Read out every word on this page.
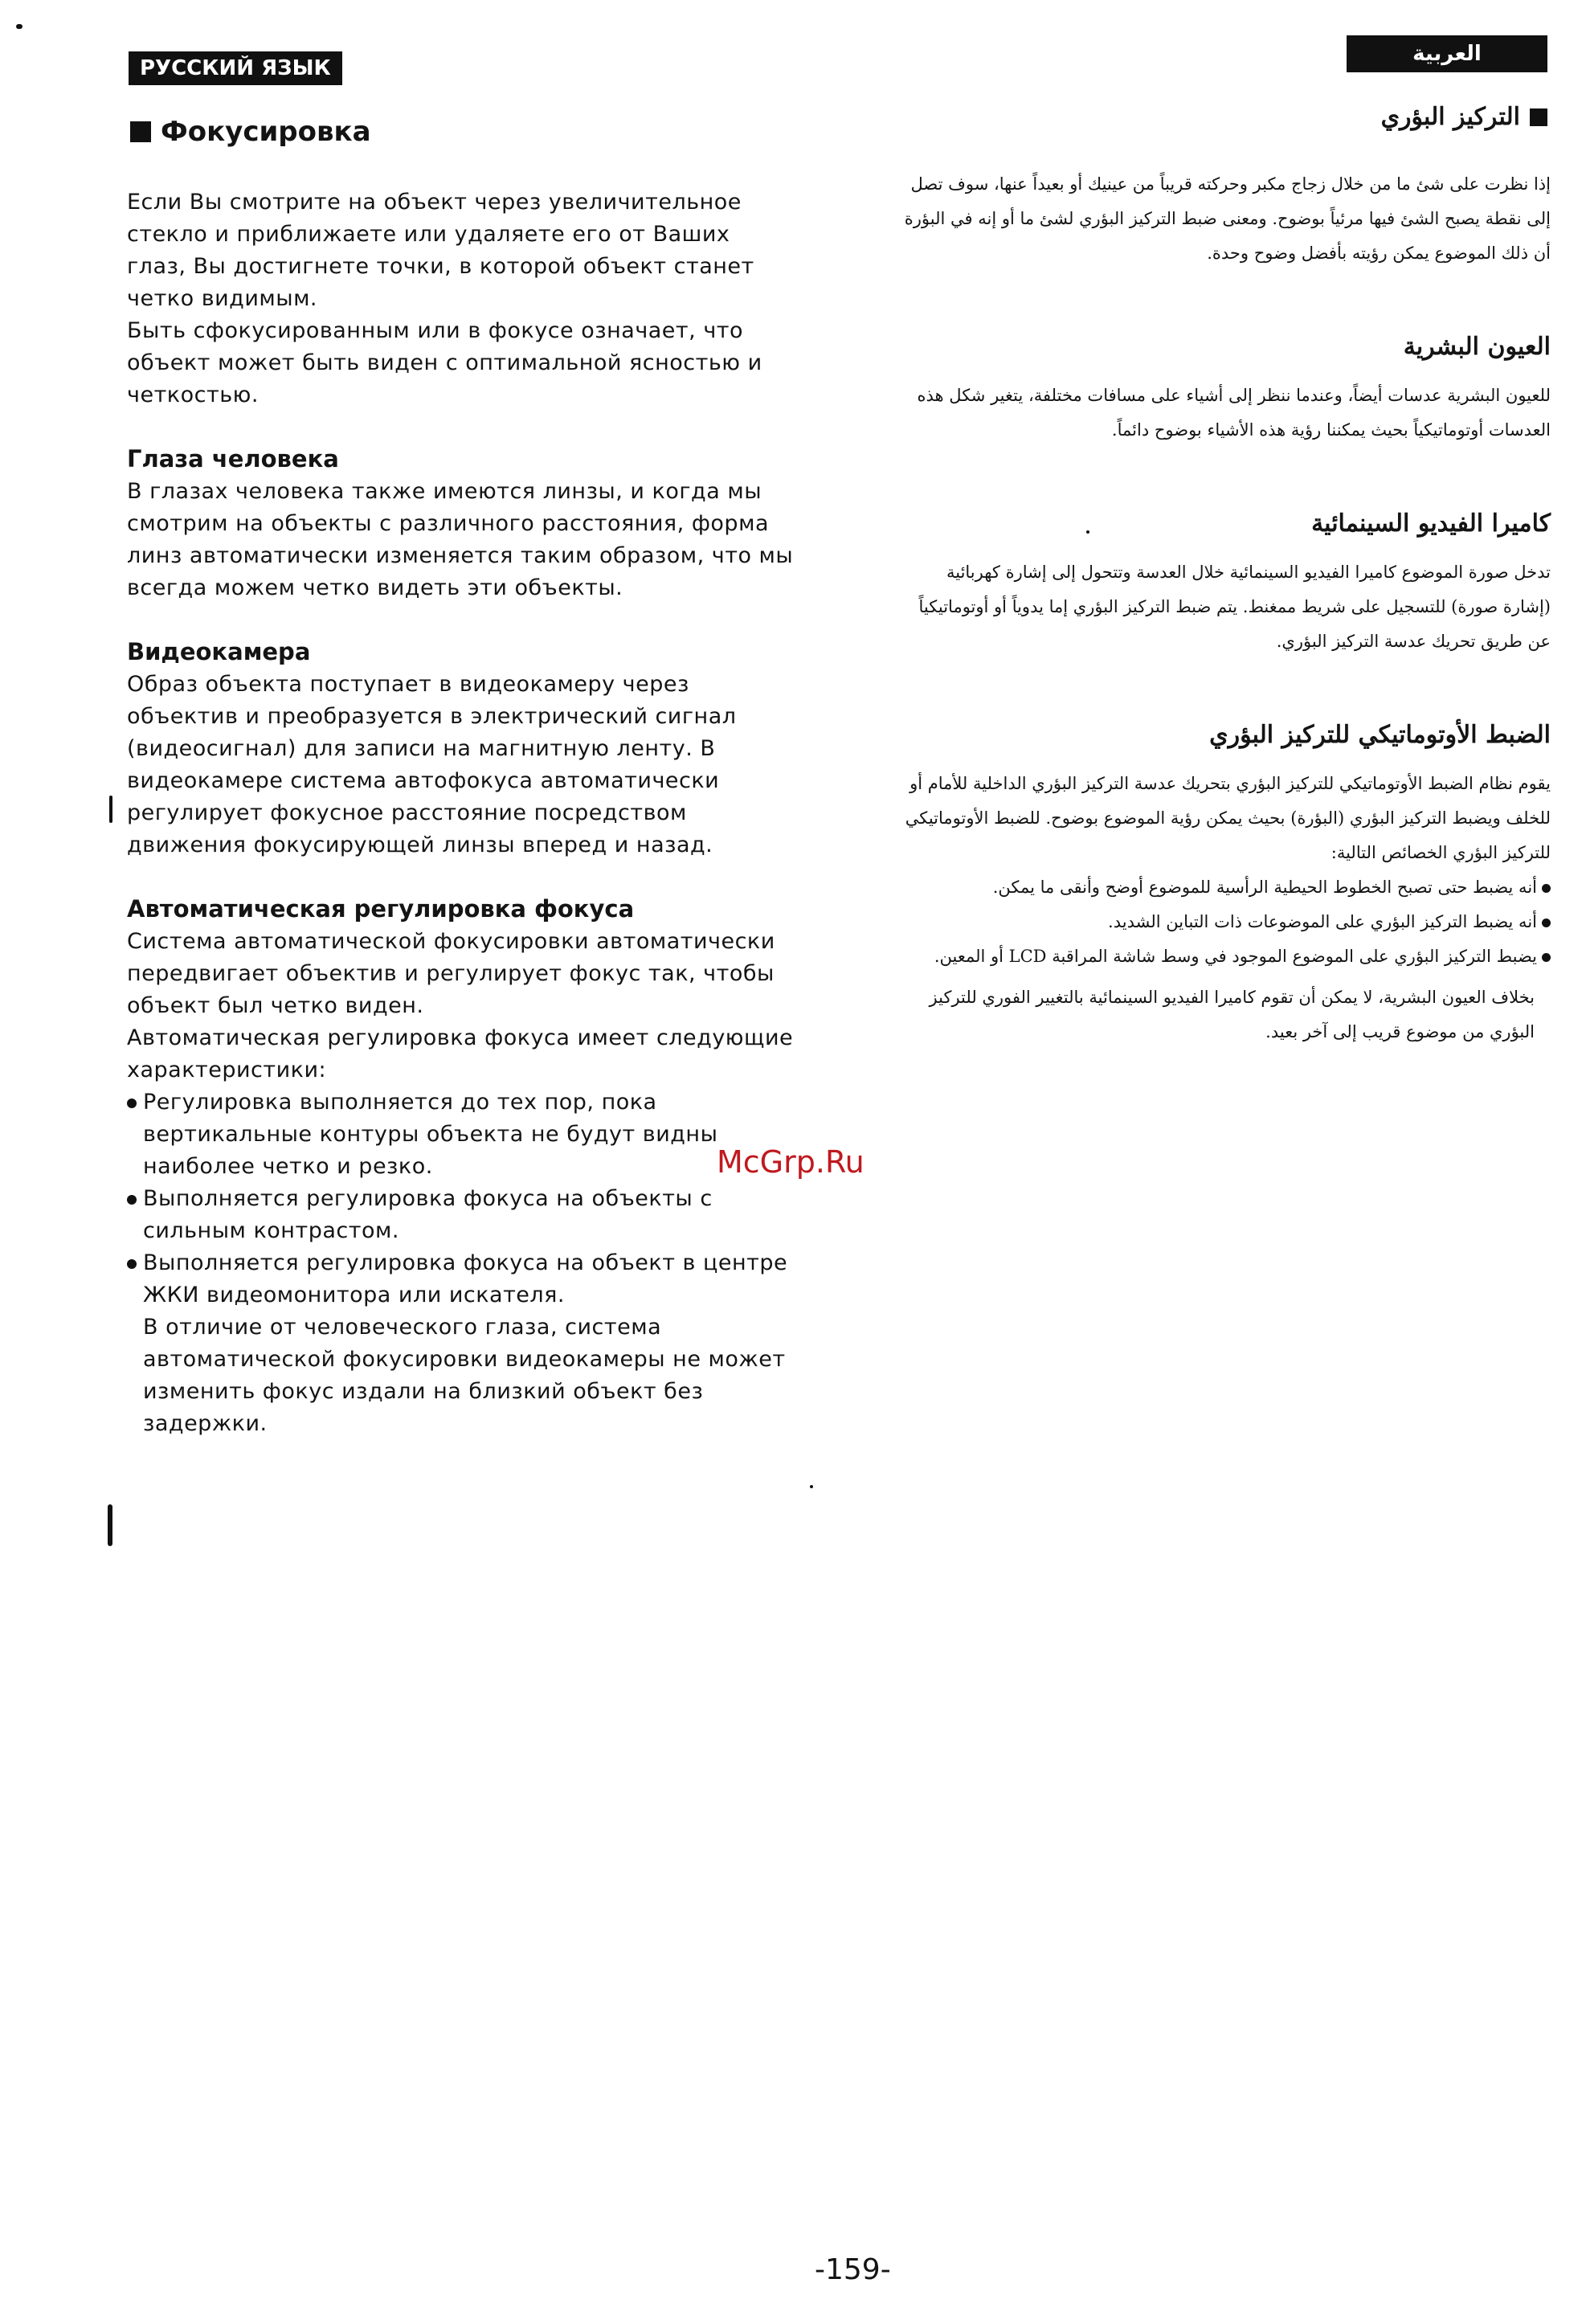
РУССКИЙ ЯЗЫК
العربية
Фокусировка

Если Вы смотрите на объект через увеличительное стекло и приближаете или удаляете его от Ваших глаз, Вы достигнете точки, в которой объект станет четко видимым.

Быть сфокусированным или в фокусе означает, что объект может быть виден с оптимальной ясностью и четкостью.

Глаза человека

В глазах человека также имеются линзы, и когда мы смотрим на объекты с различного расстояния, форма линз автоматически изменяется таким образом, что мы всегда можем четко видеть эти объекты.

Видеокамера

Образ объекта поступает в видеокамеру через объектив и преобразуется в электрический сигнал (видеосигнал) для записи на магнитную ленту. В видеокамере система автофокуса автоматически регулирует фокусное расстояние посредством движения фокусирующей линзы вперед и назад.

Автоматическая регулировка фокуса

Система автоматической фокусировки автоматически передвигает объектив и регулирует фокус так, чтобы объект был четко виден.

Автоматическая регулировка фокуса имеет следующие характеристики:

Регулировка выполняется до тех пор, пока вертикальные контуры объекта не будут видны наиболее четко и резко.

Выполняется регулировка фокуса на объекты с сильным контрастом.

Выполняется регулировка фокуса на объект в центре ЖКИ видеомонитора или искателя.

В отличие от человеческого глаза, система автоматической фокусировки видеокамеры не может изменить фокус издали на близкий объект без задержки.

التركيز البؤري

إذا نظرت على شئ ما من خلال زجاج مكبر وحركته قريباً من عينيك أو بعيداً عنها، سوف تصل إلى نقطة يصبح الشئ فيها مرئياً بوضوح. ومعنى ضبط التركيز البؤري لشئ ما أو إنه في البؤرة أن ذلك الموضوع يمكن رؤيته بأفضل وضوح وحدة.

العيون البشرية

للعيون البشرية عدسات أيضاً، وعندما ننظر إلى أشياء على مسافات مختلفة، يتغير شكل هذه العدسات أوتوماتيكياً بحيث يمكننا رؤية هذه الأشياء بوضوح دائماً.

كاميرا الفيديو السينمائية

تدخل صورة الموضوع كاميرا الفيديو السينمائية خلال العدسة وتتحول إلى إشارة كهربائية (إشارة صورة) للتسجيل على شريط ممغنط. يتم ضبط التركيز البؤري إما يدوياً أو أوتوماتيكياً عن طريق تحريك عدسة التركيز البؤري.

الضبط الأوتوماتيكي للتركيز البؤري

يقوم نظام الضبط الأوتوماتيكي للتركيز البؤري بتحريك عدسة التركيز البؤري الداخلية للأمام أو للخلف ويضبط التركيز البؤري (البؤرة) بحيث يمكن رؤية الموضوع بوضوح. للضبط الأوتوماتيكي للتركيز البؤري الخصائص التالية:

أنه يضبط حتى تصبح الخطوط الحيطية الرأسية للموضوع أوضح وأنقى ما يمكن.

أنه يضبط التركيز البؤري على الموضوعات ذات التباين الشديد.

يضبط التركيز البؤري على الموضوع الموجود في وسط شاشة المراقبة LCD أو المعين.

بخلاف العيون البشرية، لا يمكن أن تقوم كاميرا الفيديو السينمائية بالتغيير الفوري للتركيز البؤري من موضوع قريب إلى آخر بعيد.

McGrp.Ru
-159-
